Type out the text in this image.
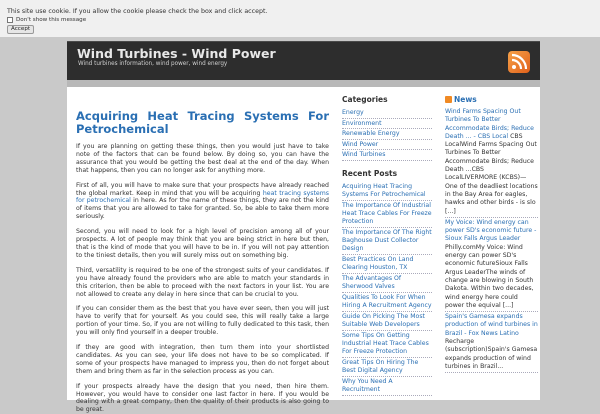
This site use cookie. If you allow the cookie please check the box and click accept.
Don't show this message
Accept
Wind Turbines - Wind Power
Wind turbines information, wind power, wind energy
Acquiring Heat Tracing Systems For Petrochemical

If you are planning on getting these things, then you would just have to take note of the factors that can be found below. By doing so, you can have the assurance that you would be getting the best deal at the end of the day. When that happens, then you can no longer ask for anything more.

First of all, you will have to make sure that your prospects have already reached the global market. Keep in mind that you will be acquiring heat tracing systems for petrochemical in here. As for the name of these things, they are not the kind of items that you are allowed to take for granted. So, be able to take them more seriously.

Second, you will need to look for a high level of precision among all of your prospects. A lot of people may think that you are being strict in here but then, that is the kind of mode that you will have to be in. If you will not pay attention to the tiniest details, then you will surely miss out on something big.

Third, versatility is required to be one of the strongest suits of your candidates. If you have already found the providers who are able to match your standards in this criterion, then be able to proceed with the next factors in your list. You are not allowed to create any delay in here since that can be crucial to you.

If you can consider them as the best that you have ever seen, then you will just have to verify that for yourself. As you could see, this will really take a large portion of your time. So, if you are not willing to fully dedicated to this task, then you will only find yourself in a deeper trouble.

If they are good with integration, then turn them into your shortlisted candidates. As you can see, your life does not have to be so complicated. If some of your prospects have managed to impress you, then do not forget about them and bring them as far in the selection process as you can.

If your prospects already have the design that you need, then hire them. However, you would have to consider one last factor in here. If you would be dealing with a great company, then the quality of their products is also going to be great.

Categories
Energy
Environment
Renewable Energy
Wind Power
Wind Turbines
Recent Posts
Acquiring Heat Tracing Systems For Petrochemical
The Importance Of Industrial Heat Trace Cables For Freeze Protection
The Importance Of The Right Baghouse Dust Collector Design
Best Practices On Land Clearing Houston, TX
The Advantages Of Sherwood Valves
Qualities To Look For When Hiring A Recruitment Agency
Guide On Picking The Most Suitable Web Developers
Some Tips On Getting Industrial Heat Trace Cables For Freeze Protection
Great Tips On Hiring The Best Digital Agency
Why You Need A Recruitment
News
Wind Farms Spacing Out Turbines To Better Accommodate Birds; Reduce Death ... - CBS Local CBS LocalWind Farms Spacing Out Turbines To Better Accommodate Birds; Reduce Death ...CBS LocalLIVERMORE (KCBS)— One of the deadliest locations in the Bay Area for eagles, hawks and other birds - is slo [...]
My Voice: Wind energy can power SD's economic future - Sioux Falls Argus Leader Philly.comMy Voice: Wind energy can power SD's economic futureSioux Falls Argus LeaderThe winds of change are blowing in South Dakota. Within two decades, wind energy here could power the equival [...]
Spain's Gamesa expands production of wind turbines in Brazil - Fox News Latino Recharge (subscription)Spain's Gamesa expands production of wind turbines in Brazil...
